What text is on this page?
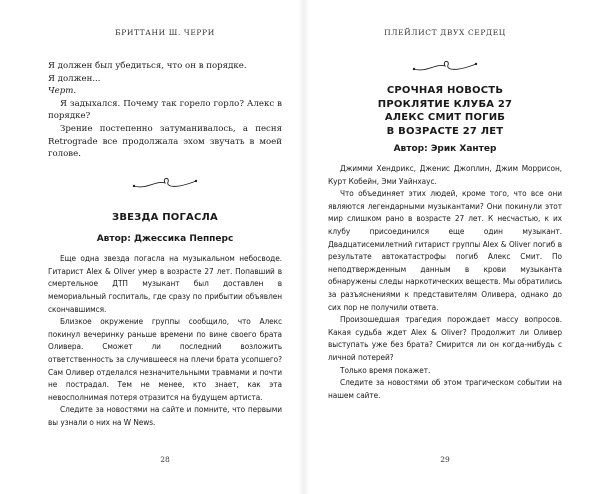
БРИТТАНИ Ш. ЧЕРРИ

Я должен был убедиться, что он в порядке.

Я должен...

Черт.

Я задыхался. Почему так горело горло? Алекс в порядке?

Зрение постепенно затуманивалось, а песня Retrograde все продолжала эхом звучать в моей голове.

ЗВЕЗДА ПОГАСЛА

Автор: Джессика Пепперс

Еще одна звезда погасла на музыкальном небосводе. Гитарист Alex & Oliver умер в возрасте 27 лет. Попавший в смертельное ДТП музыкант был доставлен в мемориальный госпиталь, где сразу по прибытии объявлен скончавшимся.

Близкое окружение группы сообщило, что Алекс покинул вечеринку раньше времени по вине своего брата Оливера. Сможет ли последний возложить ответственность за случившееся на плечи брата усопшего? Сам Оливер отделался незначительными травмами и почти не пострадал. Тем не менее, кто знает, как эта невосполнимая потеря отразится на будущем артиста.

Следите за новостями на сайте и помните, что первыми вы узнали о них на W News.

28
ПЛЕЙЛИСТ ДВУХ СЕРДЕЦ

СРОЧНАЯ НОВОСТЬ

ПРОКЛЯТИЕ КЛУБА 27

АЛЕКС СМИТ ПОГИБ

В ВОЗРАСТЕ 27 ЛЕТ

Автор: Эрик Хантер

Джимми Хендрикс, Дженис Джоплин, Джим Моррисон, Курт Кобейн, Эми Уайнхаус.

Что объединяет этих людей, кроме того, что все они являются легендарными музыкантами? Они покинули этот мир слишком рано в возрасте 27 лет. К несчастью, к их клубу присоединился еще один музыкант. Двадцатисемилетний гитарист группы Alex & Oliver погиб в результате автокатастрофы погиб Алекс Смит. По неподтвержденным данным в крови музыканта обнаружены следы наркотических веществ. Мы обратились за разъяснениями к представителям Оливера, однако до сих пор не получили ответа.

Произошедшая трагедия порождает массу вопросов. Какая судьба ждет Alex & Oliver? Продолжит ли Оливер выступать уже без брата? Смирится ли он когда-нибудь с личной потерей?

Только время покажет.

Следите за новостями об этом трагическом событии на нашем сайте.

29
